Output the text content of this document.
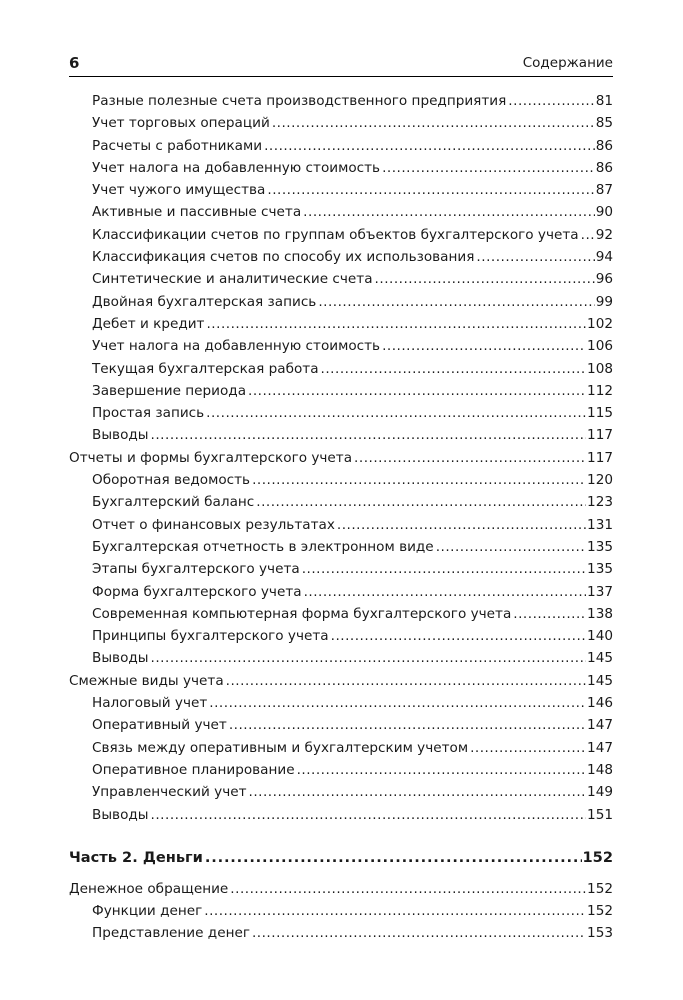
6	Содержание
Разные полезные счета производственного предприятия .....	81
Учет торговых операций .....	85
Расчеты с работниками .....	86
Учет налога на добавленную стоимость .....	86
Учет чужого имущества .....	87
Активные и пассивные счета .....	90
Классификации счетов по группам объектов бухгалтерского учета ..... 92
Классификация счетов по способу их использования .....	94
Синтетические и аналитические счета .....	96
Двойная бухгалтерская запись .....	99
Дебет и кредит .....	102
Учет налога на добавленную стоимость .....	106
Текущая бухгалтерская работа .....	108
Завершение периода .....	112
Простая запись .....	115
Выводы .....	117
Отчеты и формы бухгалтерского учета .....	117
Оборотная ведомость .....	120
Бухгалтерский баланс .....	123
Отчет о финансовых результатах .....	131
Бухгалтерская отчетность в электронном виде .....	135
Этапы бухгалтерского учета .....	135
Форма бухгалтерского учета .....	137
Современная компьютерная форма бухгалтерского учета .....	138
Принципы бухгалтерского учета .....	140
Выводы .....	145
Смежные виды учета .....	145
Налоговый учет .....	146
Оперативный учет .....	147
Связь между оперативным и бухгалтерским учетом .....	147
Оперативное планирование .....	148
Управленческий учет .....	149
Выводы .....	151
Часть 2. Деньги .....	152
Денежное обращение .....	152
Функции денег .....	152
Представление денег .....	153
